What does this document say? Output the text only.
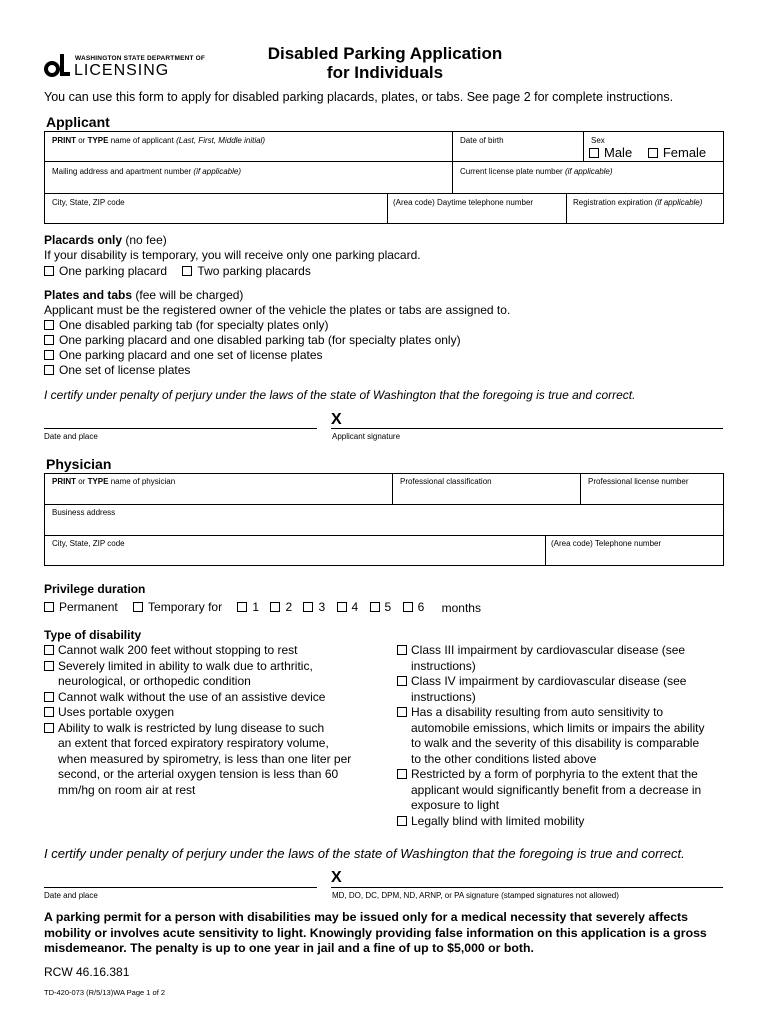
WASHINGTON STATE DEPARTMENT OF
LICENSING
Disabled Parking Application
for Individuals
You can use this form to apply for disabled parking placards, plates, or tabs. See page 2 for complete instructions.
Applicant
PRINT or TYPE name of applicant (Last, First, Middle initial)	Date of birth	Sex
Male
Female
Mailing address and apartment number (if applicable)	Current license plate number (if applicable)
City, State, ZIP code	(Area code) Daytime telephone number	Registration expiration (if applicable)
Placards only (no fee)
If your disability is temporary, you will receive only one parking placard.
One parking placard
	Two parking placards
Plates and tabs (fee will be charged)
Applicant must be the registered owner of the vehicle the plates or tabs are assigned to.
One disabled parking tab (for specialty plates only)
One parking placard and one disabled parking tab (for specialty plates only)
One parking placard and one set of license plates
One set of license plates
I certify under penalty of perjury under the laws of the state of Washington that the foregoing is true and correct.
X
Date and place	Applicant signature
Physician
PRINT or TYPE name of physician	Professional classification	Professional license number
Business address
City, State, ZIP code	(Area code) Telephone number
Privilege duration
Permanent
	Temporary for
	1
2
3
4
5
6 months
Type of disability
Cannot walk 200 feet without stopping to rest
Severely limited in ability to walk due to arthritic,
neurological, or orthopedic condition
Cannot walk without the use of an assistive device
Uses portable oxygen
Ability to walk is restricted by lung disease to such
an extent that forced expiratory respiratory volume,
when measured by spirometry, is less than one liter per
second, or the arterial oxygen tension is less than 60
mm/hg on room air at rest
Class III impairment by cardiovascular disease (see
instructions)
Class IV impairment by cardiovascular disease (see
instructions)
Has a disability resulting from auto sensitivity to
automobile emissions, which limits or impairs the ability
to walk and the severity of this disability is comparable
to the other conditions listed above
Restricted by a form of porphyria to the extent that the
applicant would significantly benefit from a decrease in
exposure to light
Legally blind with limited mobility
I certify under penalty of perjury under the laws of the state of Washington that the foregoing is true and correct.
X
Date and place	MD, DO, DC, DPM, ND, ARNP, or PA signature (stamped signatures not allowed)
A parking permit for a person with disabilities may be issued only for a medical necessity that severely affects mobility or involves acute sensitivity to light. Knowingly providing false information on this application is a gross misdemeanor. The penalty is up to one year in jail and a fine of up to $5,000 or both.
RCW 46.16.381
TD-420-073 (R/5/13)WA Page 1 of 2
